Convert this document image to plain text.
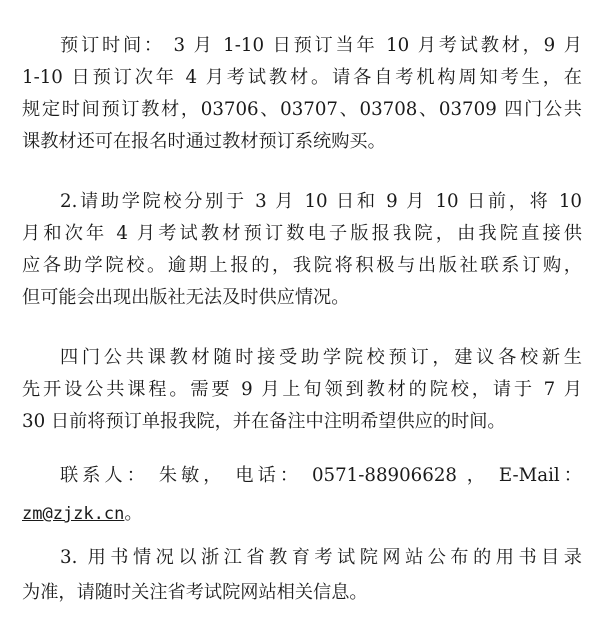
预订时间： 3 月 1-10 日预订当年 10 月考试教材，9 月
1-10 日预订次年 4 月考试教材。请各自考机构周知考生，在
规定时间预订教材，03706、03707、03708、03709 四门公共
课教材还可在报名时通过教材预订系统购买。
2.请助学院校分别于 3 月 10 日和 9 月 10 日前，将 10
月和次年 4 月考试教材预订数电子版报我院，由我院直接供
应各助学院校。逾期上报的，我院将积极与出版社联系订购，
但可能会出现出版社无法及时供应情况。
四门公共课教材随时接受助学院校预订，建议各校新生
先开设公共课程。需要 9 月上旬领到教材的院校，请于 7 月
30 日前将预订单报我院，并在备注中注明希望供应的时间。
联系人： 朱敏， 电话： 0571-88906628 ， E-Mail：
zm@zjzk.cn。
3. 用书情况以浙江省教育考试院网站公布的用书目录
为准，请随时关注省考试院网站相关信息。
